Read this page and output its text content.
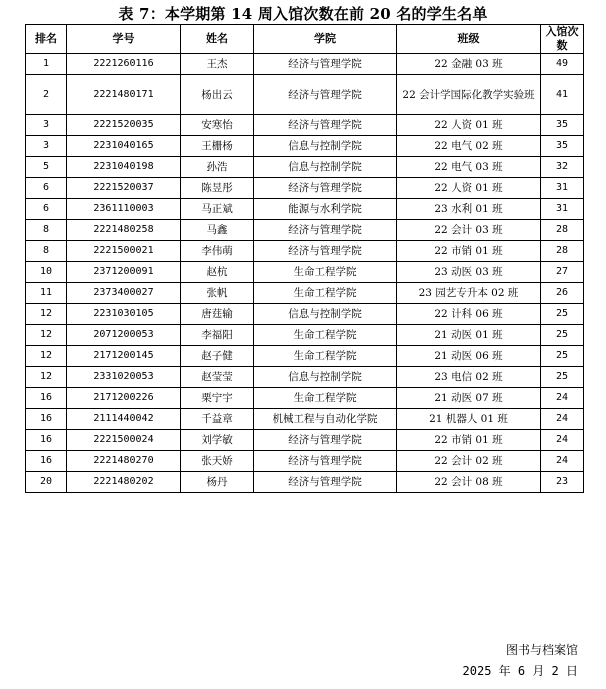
表 7：本学期第 14 周入馆次数在前 20 名的学生名单
排名	学号	姓名	学院	班级	入馆次数
1	2221260116	王杰	经济与管理学院	22 金融 03 班	49
2	2221480171	杨出云	经济与管理学院	22 会计学国际化教学实验班	41
3	2221520035	安寒怡	经济与管理学院	22 人资 01 班	35
3	2231040165	王栅杨	信息与控制学院	22 电气 02 班	35
5	2231040198	孙浩	信息与控制学院	22 电气 03 班	32
6	2221520037	陈昱彤	经济与管理学院	22 人资 01 班	31
6	2361110003	马正斌	能源与水利学院	23 水利 01 班	31
8	2221480258	马鑫	经济与管理学院	22 会计 03 班	28
8	2221500021	李伟萌	经济与管理学院	22 市销 01 班	28
10	2371200091	赵杭	生命工程学院	23 动医 03 班	27
11	2373400027	张帆	生命工程学院	23 园艺专升本 02 班	26
12	2231030105	唐莛输	信息与控制学院	22 计科 06 班	25
12	2071200053	李福阳	生命工程学院	21 动医 01 班	25
12	2171200145	赵子健	生命工程学院	21 动医 06 班	25
12	2331020053	赵莹莹	信息与控制学院	23 电信 02 班	25
16	2171200226	栗宁宇	生命工程学院	21 动医 07 班	24
16	2111440042	千益章	机械工程与自动化学院	21 机器人 01 班	24
16	2221500024	刘学敏	经济与管理学院	22 市销 01 班	24
16	2221480270	张天娇	经济与管理学院	22 会计 02 班	24
20	2221480202	杨丹	经济与管理学院	22 会计 08 班	23
图书与档案馆
2025 年 6 月 2 日
